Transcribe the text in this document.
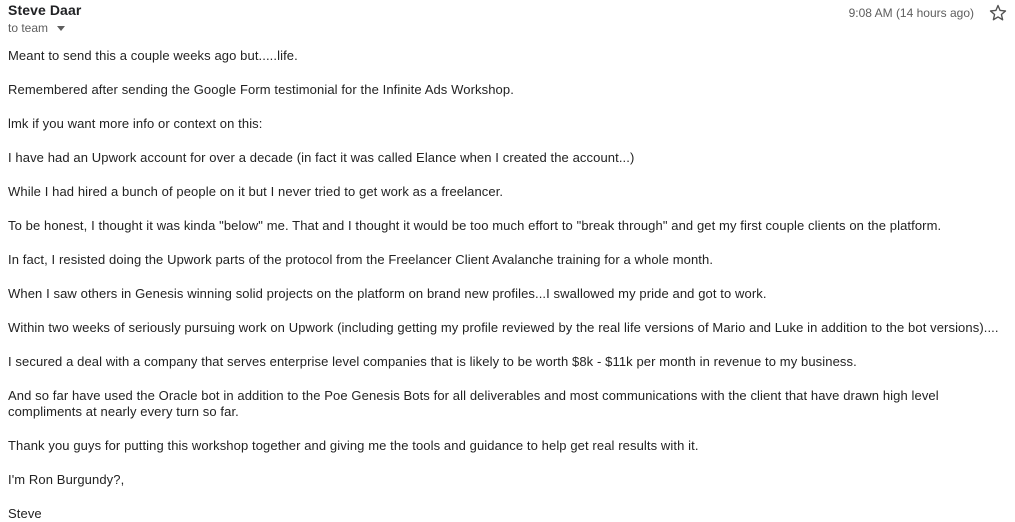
Steve Daar
to team
9:08 AM (14 hours ago)

Meant to send this a couple weeks ago but.....life.

Remembered after sending the Google Form testimonial for the Infinite Ads Workshop.

lmk if you want more info or context on this:

I have had an Upwork account for over a decade (in fact it was called Elance when I created the account...)

While I had hired a bunch of people on it but I never tried to get work as a freelancer.

To be honest, I thought it was kinda "below" me. That and I thought it would be too much effort to "break through" and get my first couple clients on the platform.

In fact, I resisted doing the Upwork parts of the protocol from the Freelancer Client Avalanche training for a whole month.

When I saw others in Genesis winning solid projects on the platform on brand new profiles...I swallowed my pride and got to work.

Within two weeks of seriously pursuing work on Upwork (including getting my profile reviewed by the real life versions of Mario and Luke in addition to the bot versions)....

I secured a deal with a company that serves enterprise level companies that is likely to be worth $8k - $11k per month in revenue to my business.

And so far have used the Oracle bot in addition to the Poe Genesis Bots for all deliverables and most communications with the client that have drawn high level compliments at nearly every turn so far.

Thank you guys for putting this workshop together and giving me the tools and guidance to help get real results with it.

I'm Ron Burgundy?,

Steve
